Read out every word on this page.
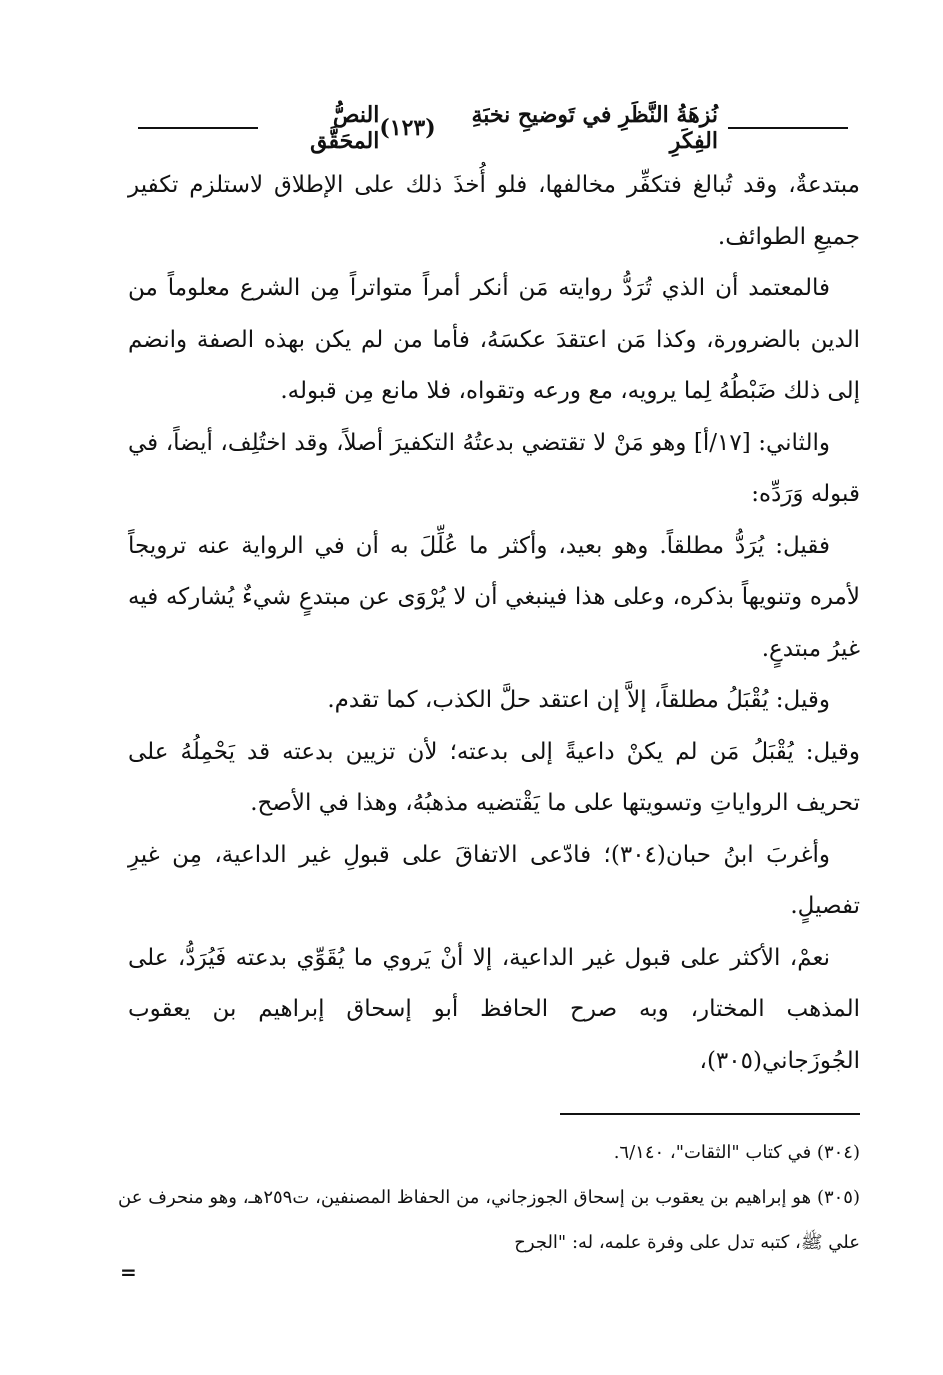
النصُّ المحَقَّق (١٢٣)	نُزهَةُ النَّظَرِ في تَوضيحِ نخبَةِ الفِكَرِ

مبتدعةٌ، وقد تُبالغ فتكفِّر مخالفها، فلو أُخذَ ذلك على الإطلاق لاستلزم تكفير جميعِ الطوائف.

فالمعتمد أن الذي تُرَدُّ روايته مَن أنكر أمراً متواتراً مِن الشرع معلوماً من الدين بالضرورة، وكذا مَن اعتقدَ عكسَهُ، فأما من لم يكن بهذه الصفة وانضم إلى ذلك ضَبْطُهُ لِما يرويه، مع ورعه وتقواه، فلا مانع مِن قبوله.

والثاني: [١٧/أ] وهو مَنْ لا تقتضي بدعتُهُ التكفيرَ أصلاً، وقد اختُلِف، أيضاً، في قبوله وَرَدِّه:

فقيل: يُرَدُّ مطلقاً. وهو بعيد، وأكثر ما عُلِّلَ به أن في الرواية عنه ترويجاً لأمره وتنويهاً بذكره، وعلى هذا فينبغي أن لا يُرْوَى عن مبتدعٍ شيءٌ يُشاركه فيه غيرُ مبتدعٍ.

وقيل: يُقْبَلُ مطلقاً، إلاَّ إن اعتقد حلَّ الكذب، كما تقدم.

وقيل: يُقْبَلُ مَن لم يكنْ داعيةً إلى بدعته؛ لأن تزيين بدعته قد يَحْمِلُهُ على تحريف الرواياتِ وتسويتها على ما يَقْتضيه مذهبُهُ، وهذا في الأصح.

وأغربَ ابنُ حبان(٣٠٤)؛ فادّعى الاتفاقَ على قبولِ غير الداعية، مِن غيرِ تفصيلٍ.

نعمْ، الأكثر على قبول غير الداعية، إلا أنْ يَروي ما يُقَوِّي بدعته فَيُرَدُّ، على المذهب المختار، وبه صرح الحافظ أبو إسحاق إبراهيم بن يعقوب الجُوزَجاني(٣٠٥)،

(٣٠٤) في كتاب "الثقات"، ٦/١٤٠.

(٣٠٥) هو إبراهيم بن يعقوب بن إسحاق الجوزجاني، من الحفاظ المصنفين، ت٢٥٩هـ، وهو منحرف عن علي ﷺ، كتبه تدل على وفرة علمه، له: "الجرح

=
